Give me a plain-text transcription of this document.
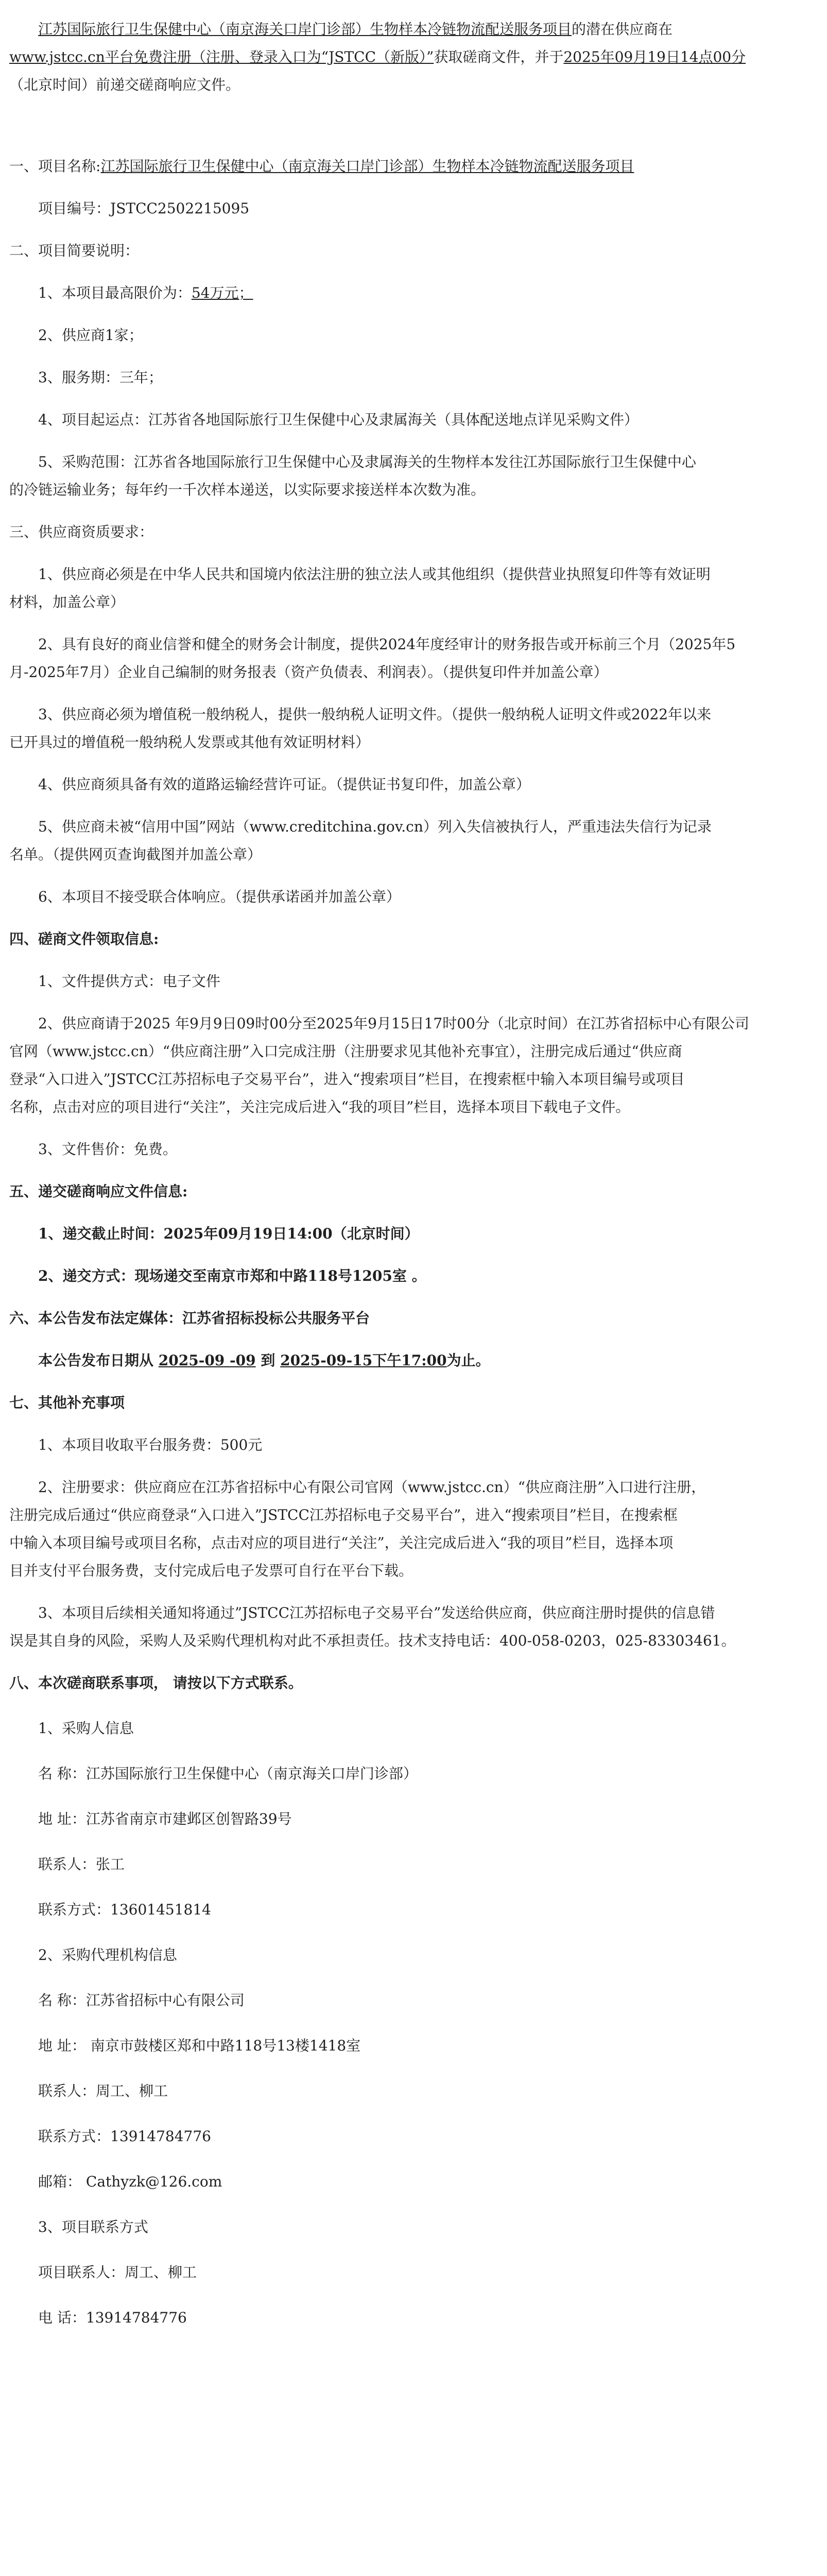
江苏国际旅行卫生保健中心（南京海关口岸门诊部）生物样本冷链物流配送服务项目的潜在供应商在

www.jstcc.cn平台免费注册（注册、登录入口为“JSTCC（新版）”获取磋商文件，并于2025年09月19日14点00分

（北京时间）前递交磋商响应文件。

一、项目名称:江苏国际旅行卫生保健中心（南京海关口岸门诊部）生物样本冷链物流配送服务项目

项目编号：JSTCC2502215095

二、项目简要说明：

1、本项目最高限价为：54万元；

2、供应商1家；

3、服务期：三年；

4、项目起运点：江苏省各地国际旅行卫生保健中心及隶属海关（具体配送地点详见采购文件）

5、采购范围：江苏省各地国际旅行卫生保健中心及隶属海关的生物样本发往江苏国际旅行卫生保健中心

的冷链运输业务；每年约一千次样本递送，以实际要求接送样本次数为准。

三、供应商资质要求：

1、供应商必须是在中华人民共和国境内依法注册的独立法人或其他组织（提供营业执照复印件等有效证明

材料，加盖公章）

2、具有良好的商业信誉和健全的财务会计制度，提供2024年度经审计的财务报告或开标前三个月（2025年5

月-2025年7月）企业自己编制的财务报表（资产负债表、利润表）。（提供复印件并加盖公章）

3、供应商必须为增值税一般纳税人，提供一般纳税人证明文件。（提供一般纳税人证明文件或2022年以来

已开具过的增值税一般纳税人发票或其他有效证明材料）

4、供应商须具备有效的道路运输经营许可证。（提供证书复印件，加盖公章）

5、供应商未被“信用中国”网站（www.creditchina.gov.cn）列入失信被执行人，严重违法失信行为记录

名单。（提供网页查询截图并加盖公章）

6、本项目不接受联合体响应。（提供承诺函并加盖公章）

四、磋商文件领取信息:

1、文件提供方式：电子文件

2、供应商请于2025 年9月9日09时00分至2025年9月15日17时00分（北京时间）在江苏省招标中心有限公司

官网（www.jstcc.cn）“供应商注册”入口完成注册（注册要求见其他补充事宜），注册完成后通过“供应商

登录“入口进入”JSTCC江苏招标电子交易平台”，进入“搜索项目”栏目，在搜索框中输入本项目编号或项目

名称，点击对应的项目进行“关注”，关注完成后进入“我的项目”栏目，选择本项目下载电子文件。

3、文件售价：免费。

五、递交磋商响应文件信息:

1、递交截止时间：2025年09月19日14:00（北京时间）

2、递交方式：现场递交至南京市郑和中路118号1205室 。

六、本公告发布法定媒体：江苏省招标投标公共服务平台

本公告发布日期从 2025-09 -09 到 2025-09-15下午17:00为止。

七、其他补充事项

1、本项目收取平台服务费：500元

2、注册要求：供应商应在江苏省招标中心有限公司官网（www.jstcc.cn）“供应商注册”入口进行注册，

注册完成后通过“供应商登录“入口进入”JSTCC江苏招标电子交易平台”，进入“搜索项目”栏目，在搜索框

中输入本项目编号或项目名称，点击对应的项目进行“关注”，关注完成后进入“我的项目”栏目，选择本项

目并支付平台服务费，支付完成后电子发票可自行在平台下载。

3、本项目后续相关通知将通过”JSTCC江苏招标电子交易平台”发送给供应商，供应商注册时提供的信息错

误是其自身的风险，采购人及采购代理机构对此不承担责任。技术支持电话：400-058-0203，025-83303461。

八、本次磋商联系事项， 请按以下方式联系。

1、采购人信息

名 称：江苏国际旅行卫生保健中心（南京海关口岸门诊部）

地 址：江苏省南京市建邺区创智路39号

联系人：张工

联系方式：13601451814

2、采购代理机构信息

名 称：江苏省招标中心有限公司

地 址： 南京市鼓楼区郑和中路118号13楼1418室

联系人：周工、柳工

联系方式：13914784776

邮箱： Cathyzk@126.com

3、项目联系方式

项目联系人：周工、柳工

电 话：13914784776
